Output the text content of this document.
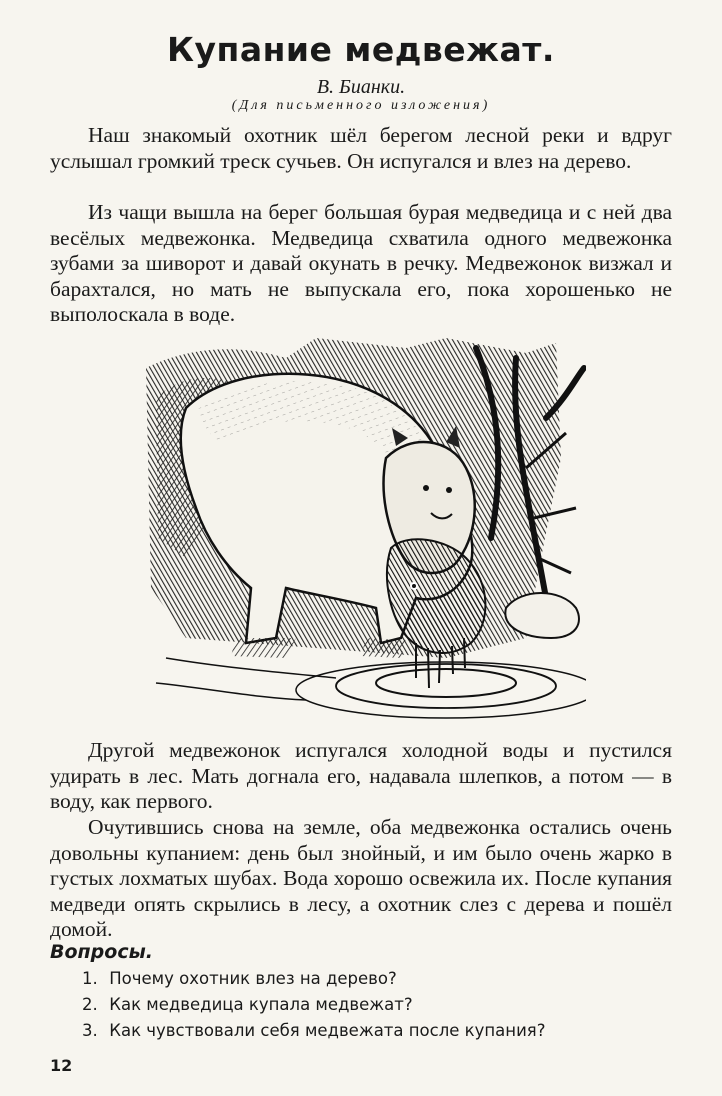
Купание медвежат.
В. Бианки.
(Для письменного изложения)

Наш знакомый охотник шёл берегом лесной реки и вдруг услышал громкий треск сучьев. Он испугался и влез на дерево.

Из чащи вышла на берег большая бурая медведица и с ней два весёлых медвежонка. Медведица схватила одного медвежонка зубами за шиворот и давай окунать в речку. Медвежонок визжал и барахтался, но мать не выпускала его, пока хорошенько не выполоскала в воде.

Другой медвежонок испугался холодной воды и пустился удирать в лес. Мать догнала его, надавала шлепков, а потом — в воду, как первого.

Очутившись снова на земле, оба медвежонка остались очень довольны купанием: день был знойный, и им было очень жарко в густых лохматых шубах. Вода хорошо освежила их. После купания медведи опять скрылись в лесу, а охотник слез с дерева и пошёл домой.

Вопросы.
1. Почему охотник влез на дерево?
2. Как медведица купала медвежат?
3. Как чувствовали себя медвежата после купания?
12
